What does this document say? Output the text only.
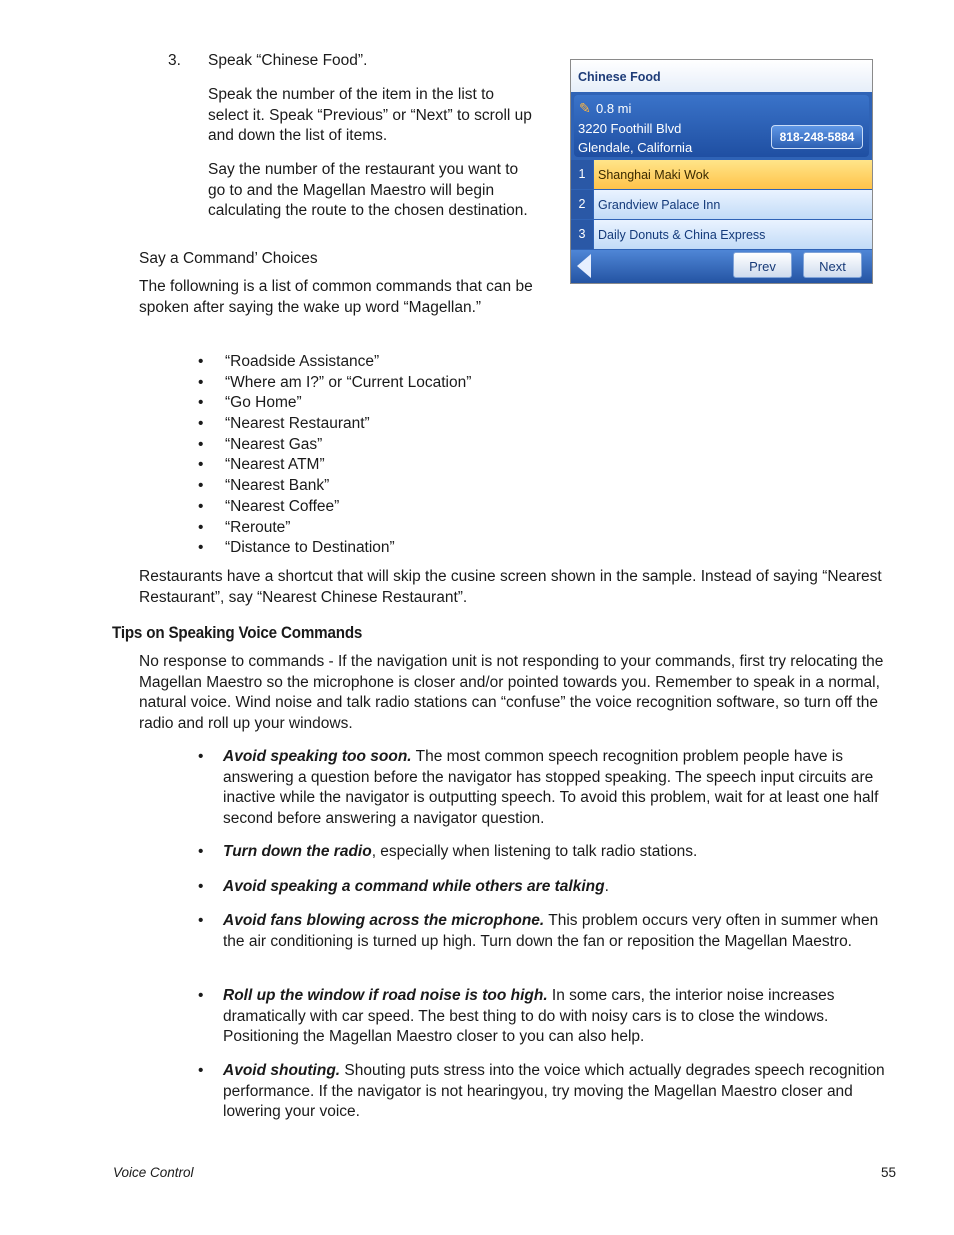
3. Speak “Chinese Food”.

Speak the number of the item in the list to select it. Speak “Previous” or “Next” to scroll up and down the list of items.

Say the number of the restaurant you want to go to and the Magellan Maestro will begin calculating the route to the chosen destination.

Say a Command’ Choices

The followning is a list of common commands that can be spoken after saying the wake up word “Magellan.”

• “Roadside Assistance”
• “Where am I?” or “Current Location”
• “Go Home”
• “Nearest Restaurant”
• “Nearest Gas”
• “Nearest ATM”
• “Nearest Bank”
• “Nearest Coffee”
• “Reroute”
• “Distance to Destination”

Restaurants have a shortcut that will skip the cusine screen shown in the sample. Instead of saying “Nearest Restaurant”, say “Nearest Chinese Restaurant”.

Tips on Speaking Voice Commands

No response to commands - If the navigation unit is not responding to your commands, first try relocating the Magellan Maestro so the microphone is closer and/or pointed towards you. Remember to speak in a normal, natural voice. Wind noise and talk radio stations can “confuse” the voice recognition software, so turn off the radio and roll up your windows.

• Avoid speaking too soon. The most common speech recognition problem people have is answering a question before the navigator has stopped speaking. The speech input circuits are inactive while the navigator is outputting speech. To avoid this problem, wait for at least one half second before answering a navigator question.

• Turn down the radio, especially when listening to talk radio stations.

• Avoid speaking a command while others are talking.

• Avoid fans blowing across the microphone. This problem occurs very often in summer when the air conditioning is turned up high. Turn down the fan or reposition the Magellan Maestro.

• Roll up the window if road noise is too high. In some cars, the interior noise increases dramatically with car speed. The best thing to do with noisy cars is to close the windows. Positioning the Magellan Maestro closer to you can also help.

• Avoid shouting. Shouting puts stress into the voice which actually degrades speech recognition performance. If the navigator is not hearingyou, try moving the Magellan Maestro closer and lowering your voice.

Voice Control	55

Chinese Food
✎ 0.8 mi
3220 Foothill Blvd
Glendale, California
818-248-5884
1	Shanghai Maki Wok
2	Grandview Palace Inn
3	Daily Donuts & China Express
Prev	Next
